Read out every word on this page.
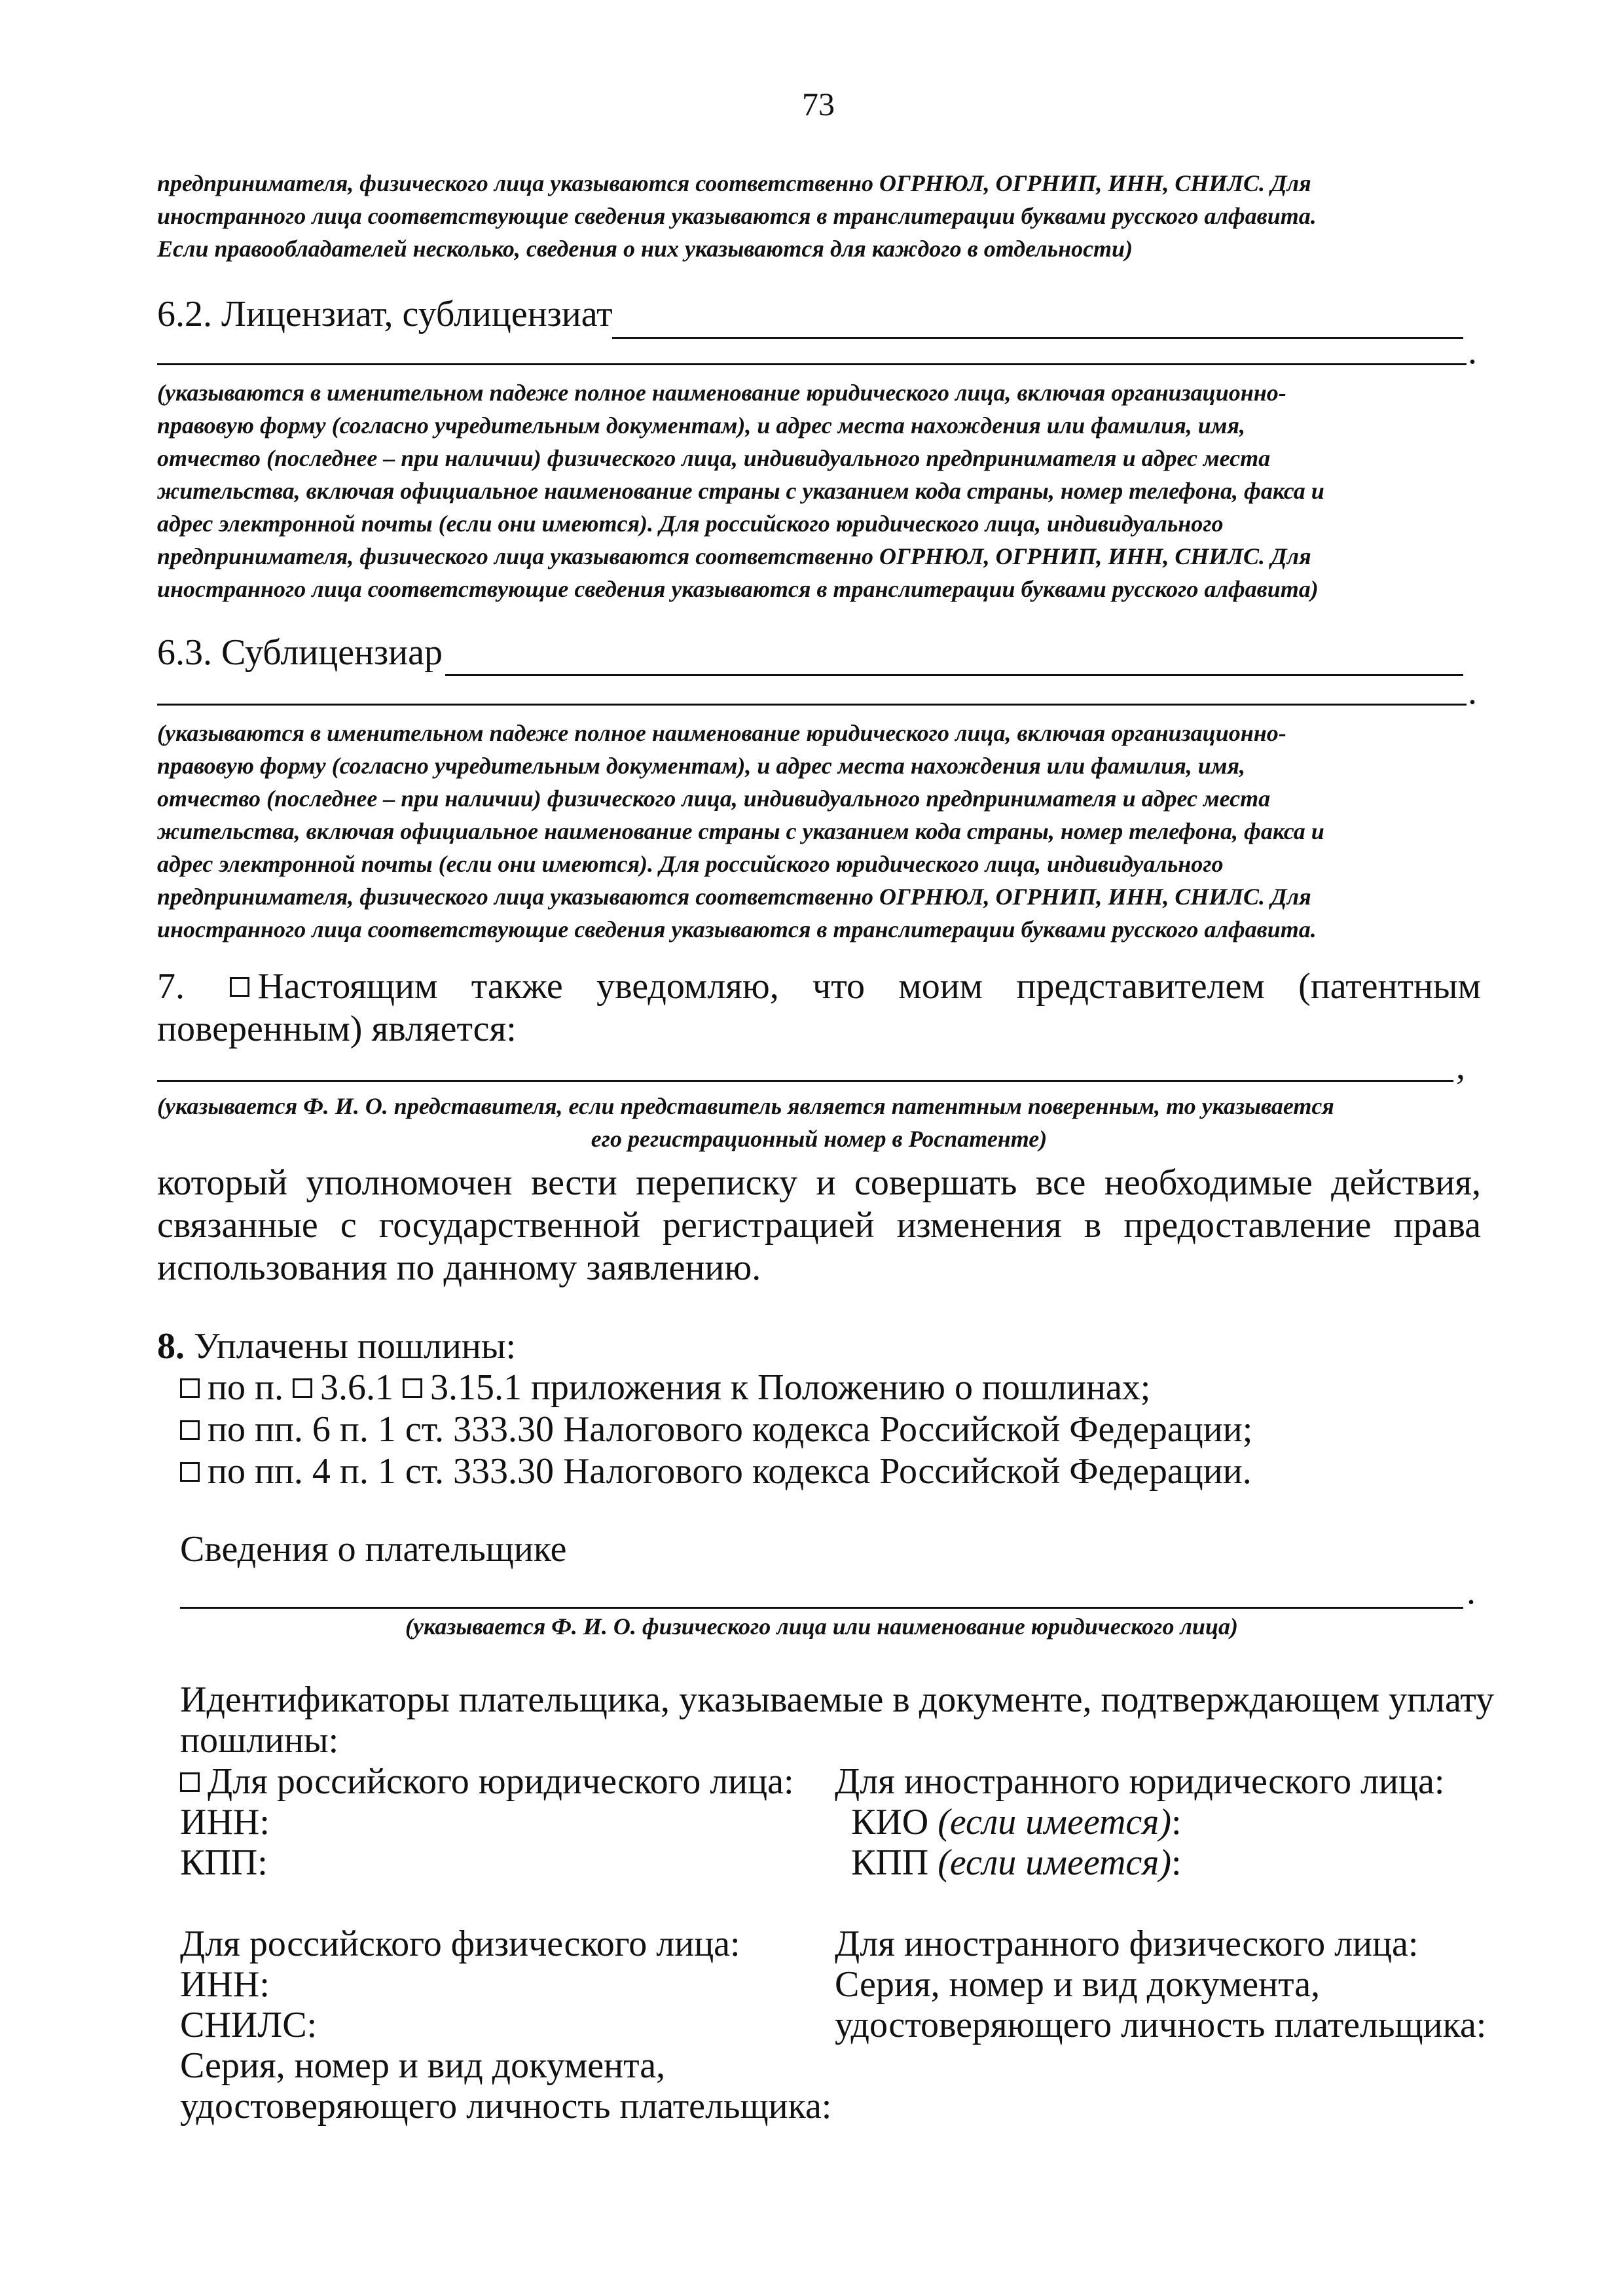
73
предпринимателя, физического лица указываются соответственно ОГРНЮЛ, ОГРНИП, ИНН, СНИЛС. Для
иностранного лица соответствующие сведения указываются в транслитерации буквами русского алфавита.
Если правообладателей несколько, сведения о них указываются для каждого в отдельности)
6.2. Лицензиат, сублицензиат
.
(указываются в именительном падеже полное наименование юридического лица, включая организационно-
правовую форму (согласно учредительным документам), и адрес места нахождения или фамилия, имя,
отчество (последнее – при наличии) физического лица, индивидуального предпринимателя и адрес места
жительства, включая официальное наименование страны с указанием кода страны, номер телефона, факса и
адрес электронной почты (если они имеются). Для российского юридического лица, индивидуального
предпринимателя, физического лица указываются соответственно ОГРНЮЛ, ОГРНИП, ИНН, СНИЛС. Для
иностранного лица соответствующие сведения указываются в транслитерации буквами русского алфавита)
6.3. Сублицензиар
.
(указываются в именительном падеже полное наименование юридического лица, включая организационно-
правовую форму (согласно учредительным документам), и адрес места нахождения или фамилия, имя,
отчество (последнее – при наличии) физического лица, индивидуального предпринимателя и адрес места
жительства, включая официальное наименование страны с указанием кода страны, номер телефона, факса и
адрес электронной почты (если они имеются). Для российского юридического лица, индивидуального
предпринимателя, физического лица указываются соответственно ОГРНЮЛ, ОГРНИП, ИНН, СНИЛС. Для
иностранного лица соответствующие сведения указываются в транслитерации буквами русского алфавита.
7. Настоящим также уведомляю, что моим представителем (патентным
поверенным) является:
,
(указывается Ф. И. О. представителя, если представитель является патентным поверенным, то указывается
его регистрационный номер в Роспатенте)
который уполномочен вести переписку и совершать все необходимые действия,
связанные с государственной регистрацией изменения в предоставление права
использования по данному заявлению.
8. Уплачены пошлины:
по п. 3.6.1 3.15.1 приложения к Положению о пошлинах;
по пп. 6 п. 1 ст. 333.30 Налогового кодекса Российской Федерации;
по пп. 4 п. 1 ст. 333.30 Налогового кодекса Российской Федерации.
Сведения о плательщике
.
(указывается Ф. И. О. физического лица или наименование юридического лица)
Идентификаторы плательщика, указываемые в документе, подтверждающем уплату
пошлины:
Для российского юридического лица:
ИНН:
КПП:
Для иностранного юридического лица:
КИО (если имеется):
КПП (если имеется):
Для российского физического лица:
ИНН:
СНИЛС:
Серия, номер и вид документа,
удостоверяющего личность плательщика:
Для иностранного физического лица:
Серия, номер и вид документа,
удостоверяющего личность плательщика:
